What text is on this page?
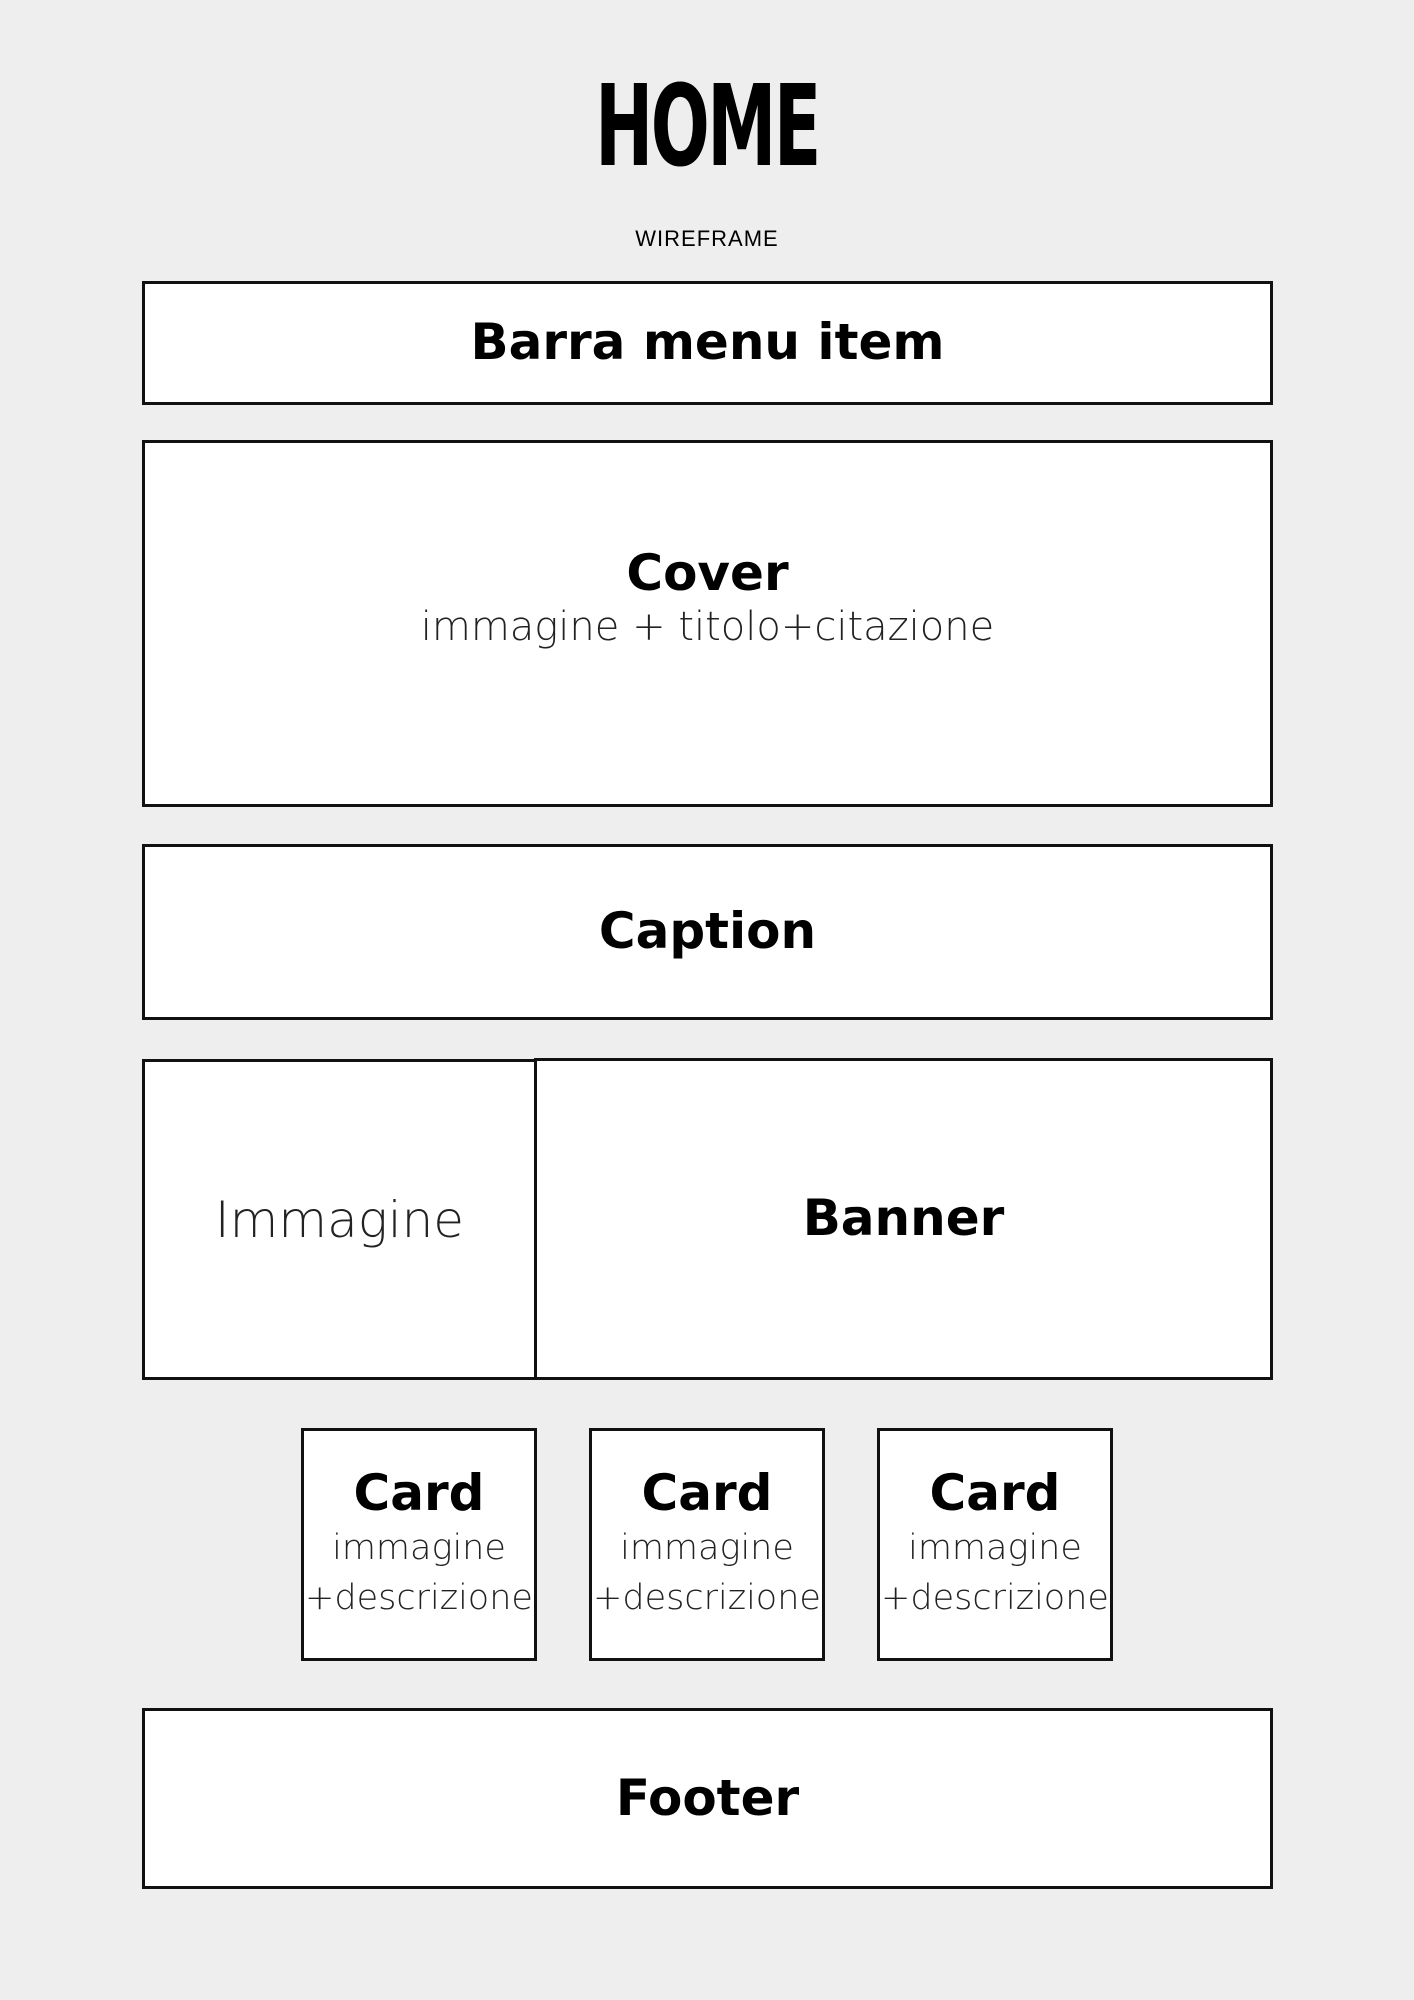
HOME
WIREFRAME
Barra menu item
Cover
immagine + titolo+citazione
Caption
Banner
Immagine
Card
immagine
+descrizione
Card
immagine
+descrizione
Card
immagine
+descrizione
Footer
